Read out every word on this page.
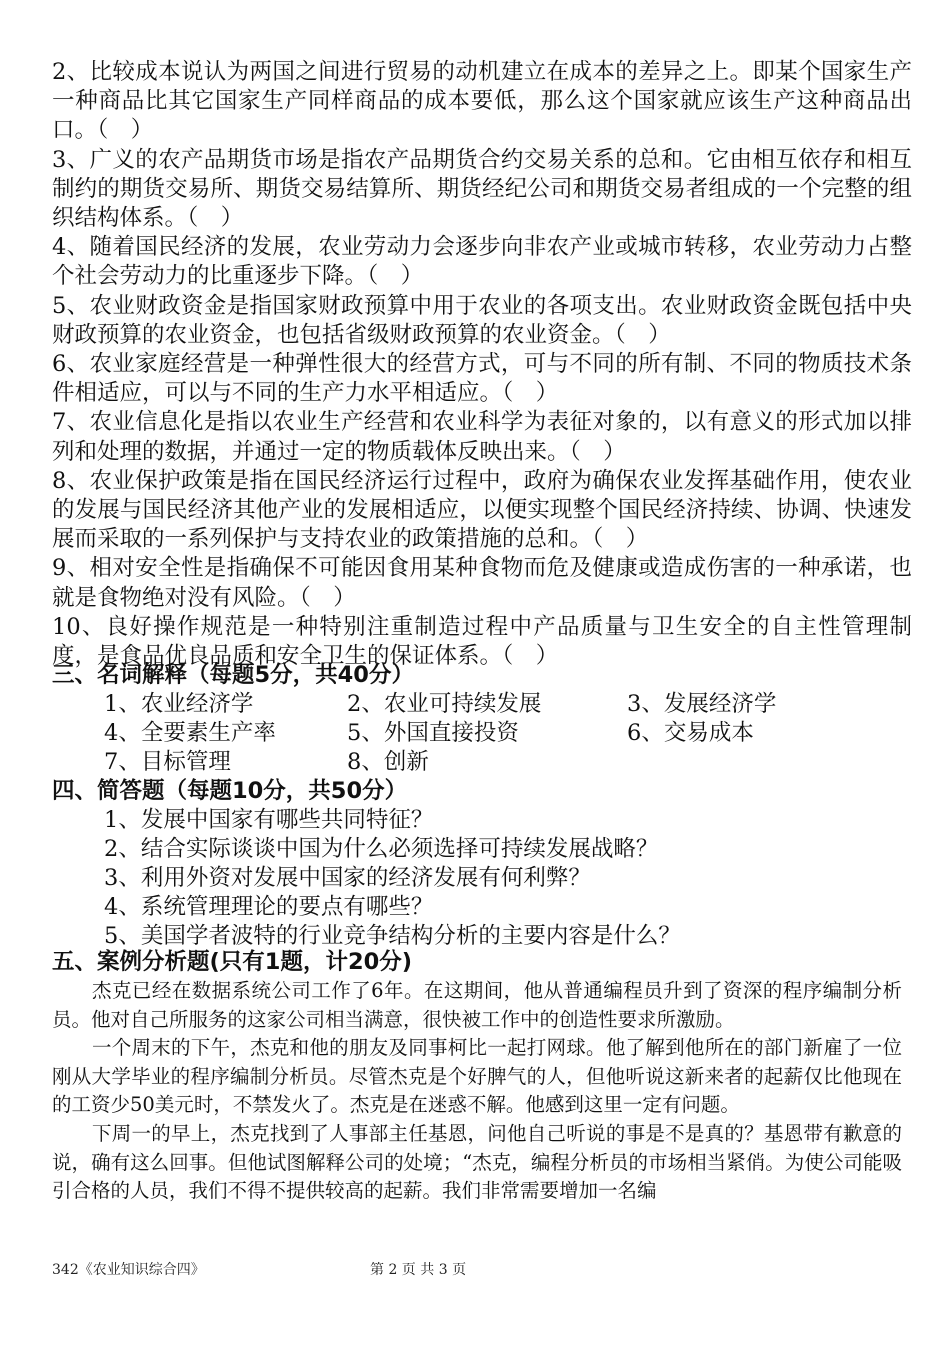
2、比较成本说认为两国之间进行贸易的动机建立在成本的差异之上。即某个国家生产一种商品比其它国家生产同样商品的成本要低，那么这个国家就应该生产这种商品出口。（　）

3、广义的农产品期货市场是指农产品期货合约交易关系的总和。它由相互依存和相互制约的期货交易所、期货交易结算所、期货经纪公司和期货交易者组成的一个完整的组织结构体系。（　）

4、随着国民经济的发展，农业劳动力会逐步向非农产业或城市转移，农业劳动力占整个社会劳动力的比重逐步下降。（　）

5、农业财政资金是指国家财政预算中用于农业的各项支出。农业财政资金既包括中央财政预算的农业资金，也包括省级财政预算的农业资金。（　）

6、农业家庭经营是一种弹性很大的经营方式，可与不同的所有制、不同的物质技术条件相适应，可以与不同的生产力水平相适应。（　）

7、农业信息化是指以农业生产经营和农业科学为表征对象的，以有意义的形式加以排列和处理的数据，并通过一定的物质载体反映出来。（　）

8、农业保护政策是指在国民经济运行过程中，政府为确保农业发挥基础作用，使农业的发展与国民经济其他产业的发展相适应，以便实现整个国民经济持续、协调、快速发展而采取的一系列保护与支持农业的政策措施的总和。（　）

9、相对安全性是指确保不可能因食用某种食物而危及健康或造成伤害的一种承诺，也就是食物绝对没有风险。（　）

10、良好操作规范是一种特别注重制造过程中产品质量与卫生安全的自主性管理制度，是食品优良品质和安全卫生的保证体系。（　）

三、名词解释（每题5分，共40分）
1、农业经济学	2、农业可持续发展	3、发展经济学
4、全要素生产率	5、外国直接投资	6、交易成本
7、目标管理	8、创新
四、简答题（每题10分，共50分）
1、发展中国家有哪些共同特征？
2、结合实际谈谈中国为什么必须选择可持续发展战略？
3、利用外资对发展中国家的经济发展有何利弊？
4、系统管理理论的要点有哪些？
5、美国学者波特的行业竞争结构分析的主要内容是什么？
五、案例分析题(只有1题，计20分)

杰克已经在数据系统公司工作了6年。在这期间，他从普通编程员升到了资深的程序编制分析员。他对自己所服务的这家公司相当满意，很快被工作中的创造性要求所激励。

一个周末的下午，杰克和他的朋友及同事柯比一起打网球。他了解到他所在的部门新雇了一位刚从大学毕业的程序编制分析员。尽管杰克是个好脾气的人，但他听说这新来者的起薪仅比他现在的工资少50美元时，不禁发火了。杰克是在迷惑不解。他感到这里一定有问题。

下周一的早上，杰克找到了人事部主任基恩，问他自己听说的事是不是真的？基恩带有歉意的说，确有这么回事。但他试图解释公司的处境；“杰克，编程分析员的市场相当紧俏。为使公司能吸引合格的人员，我们不得不提供较高的起薪。我们非常需要增加一名编

342《农业知识综合四》	第 2 页 共 3 页
